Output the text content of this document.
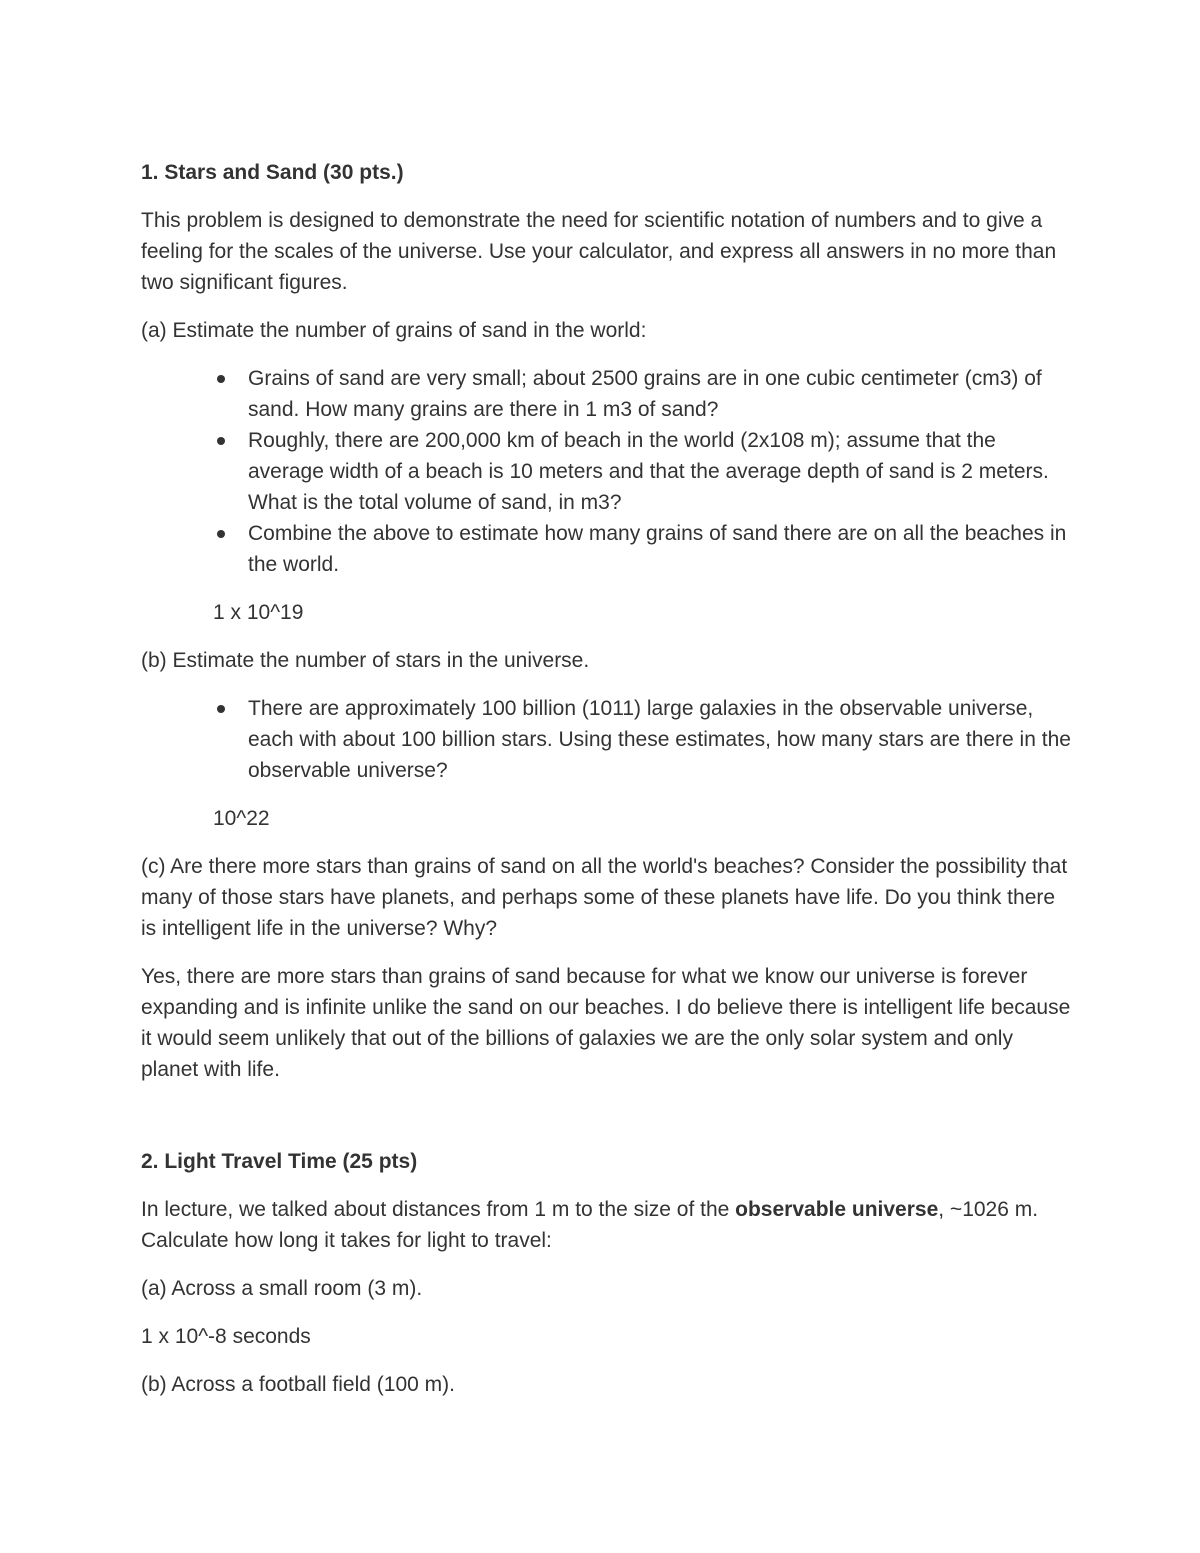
1. Stars and Sand (30 pts.)

This problem is designed to demonstrate the need for scientific notation of numbers and to give a feeling for the scales of the universe. Use your calculator, and express all answers in no more than two significant figures.

(a) Estimate the number of grains of sand in the world:

Grains of sand are very small; about 2500 grains are in one cubic centimeter (cm3) of sand. How many grains are there in 1 m3 of sand?
Roughly, there are 200,000 km of beach in the world (2x108 m); assume that the average width of a beach is 10 meters and that the average depth of sand is 2 meters. What is the total volume of sand, in m3?
Combine the above to estimate how many grains of sand there are on all the beaches in the world.

1 x 10^19

(b) Estimate the number of stars in the universe.

There are approximately 100 billion (1011) large galaxies in the observable universe, each with about 100 billion stars. Using these estimates, how many stars are there in the observable universe?

10^22

(c) Are there more stars than grains of sand on all the world's beaches? Consider the possibility that many of those stars have planets, and perhaps some of these planets have life. Do you think there is intelligent life in the universe? Why?

Yes, there are more stars than grains of sand because for what we know our universe is forever expanding and is infinite unlike the sand on our beaches. I do believe there is intelligent life because it would seem unlikely that out of the billions of galaxies we are the only solar system and only planet with life.

2. Light Travel Time (25 pts)

In lecture, we talked about distances from 1 m to the size of the observable universe, ~1026 m. Calculate how long it takes for light to travel:

(a) Across a small room (3 m).

1 x 10^-8 seconds

(b) Across a football field (100 m).
